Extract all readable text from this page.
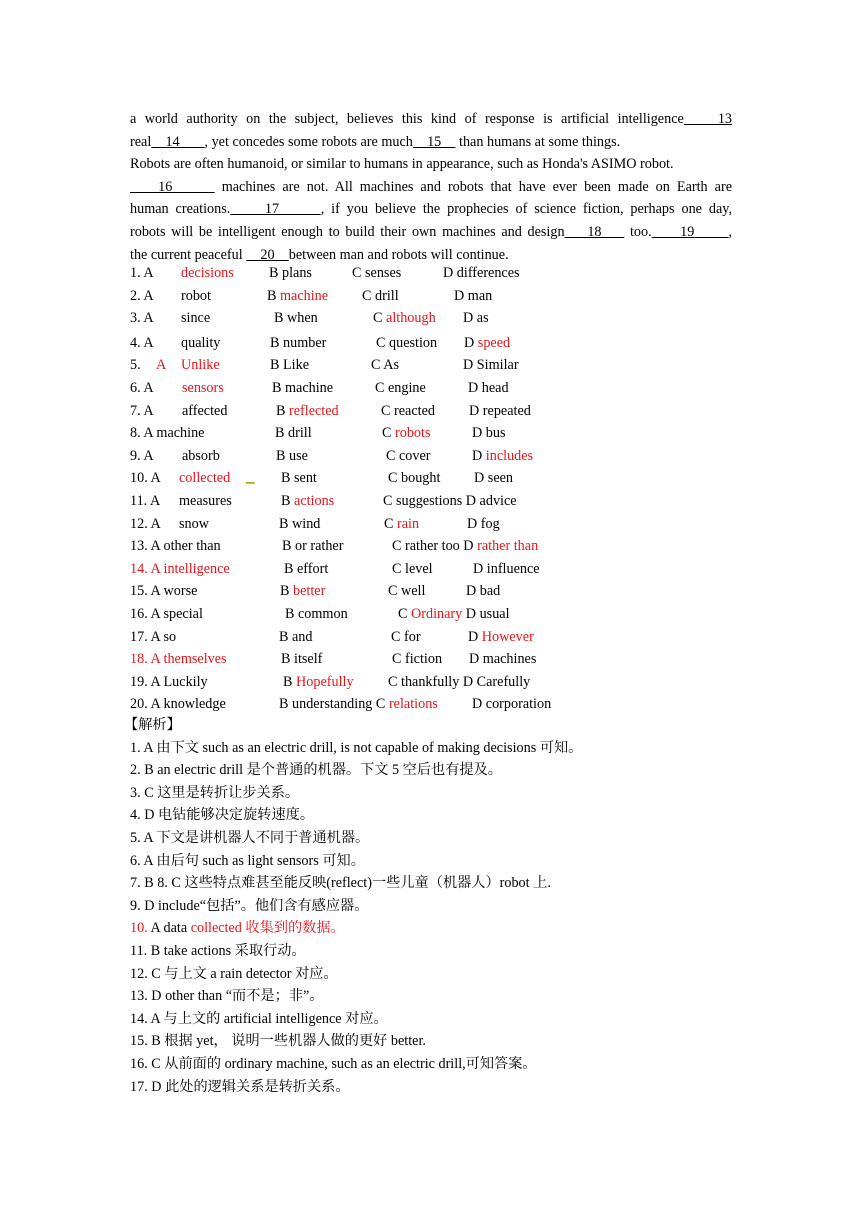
a world authority on the subject, believes this kind of response is artificial intelligence    13
real    14       , yet concedes some robots are much    15     than humans at some things.
Robots are often humanoid, or similar to humans in appearance, such as Honda's ASIMO robot.
16       machines are not. All machines and robots that have ever been made on Earth are
human creations.     17      , if you believe the prophecies of science fiction, perhaps one day,
robots will be intelligent enough to build their own machines and design    18     too.     19      ,
the current peaceful     20    between man and robots will continue.
1. A decisions B plans	C senses	D differences
2. A robot	B machine C drill	D man
3. A since	B when	C although D as
4. A quality	B number	C question D speed
5. A Unlike	B Like	C As	D Similar
6. A sensors	B machine	C engine	D head
7. A affected	B reflected	C reacted D repeated
8. A machine	B drill	C robots	D bus
9. A absorb	B use	C cover	D includes
10. A collected ▁ B sent	C bought D seen
11. A measures	B actions	C suggestions D advice
12. A snow	B wind	C rain	D fog
13. A other than	B or rather	C rather too D rather than
14. A intelligence	B effort	C level	D influence
15. A worse	B better	C well	D bad
16. A special	B common	C Ordinary D usual
17. A so	B and	C for	D However
18. A themselves	B itself	C fiction D machines
19. A Luckily	B Hopefully C thankfully D Carefully
20. A knowledge	B understanding C relations D corporation
【解析】
1. A 由下文 such as an electric drill, is not capable of making decisions 可知。
2. B an electric drill 是个普通的机器。下文 5 空后也有提及。
3. C 这里是转折让步关系。
4. D 电钻能够决定旋转速度。
5. A 下文是讲机器人不同于普通机器。
6. A 由后句 such as light sensors 可知。
7. B 8. C 这些特点难甚至能反映(reflect)一些儿童（机器人）robot 上.
9. D include“包括”。他们含有感应器。
10. A data collected 收集到的数据。
11. B take actions 采取行动。
12. C 与上文 a rain detector 对应。
13. D other than “而不是；非”。
14. A 与上文的 artificial intelligence 对应。
15. B 根据 yet， 说明一些机器人做的更好 better.
16. C 从前面的 ordinary machine, such as an electric drill,可知答案。
17. D 此处的逻辑关系是转折关系。
